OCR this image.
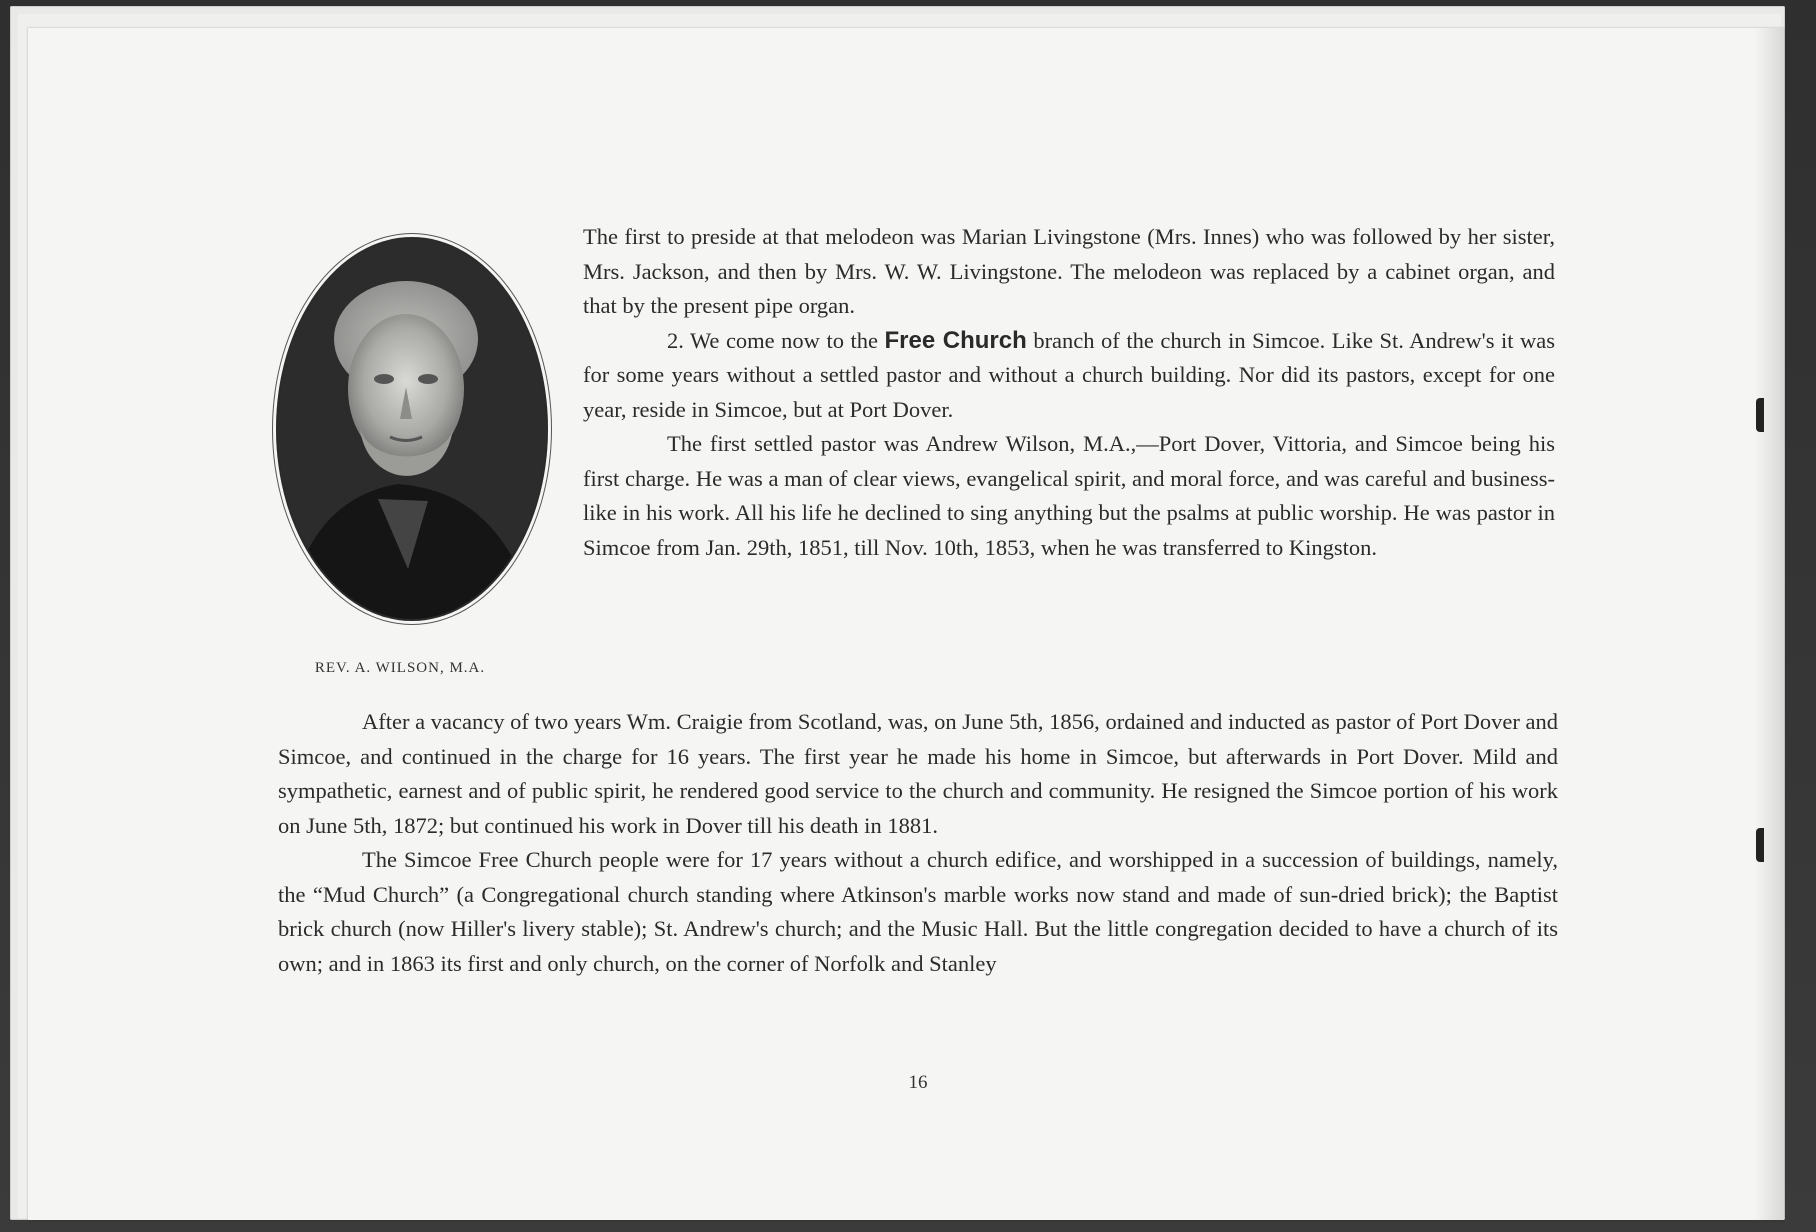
REV. A. WILSON, M.A.

The first to preside at that melodeon was Marian Livingstone (Mrs. Innes) who was followed by her sister, Mrs. Jackson, and then by Mrs. W. W. Livingstone. The melodeon was replaced by a cabinet organ, and that by the present pipe organ.

2. We come now to the Free Church branch of the church in Simcoe. Like St. Andrew's it was for some years without a settled pastor and without a church building. Nor did its pastors, except for one year, reside in Simcoe, but at Port Dover.

The first settled pastor was Andrew Wilson, M.A.,—Port Dover, Vittoria, and Simcoe being his first charge. He was a man of clear views, evangelical spirit, and moral force, and was careful and business-like in his work. All his life he declined to sing anything but the psalms at public worship. He was pastor in Simcoe from Jan. 29th, 1851, till Nov. 10th, 1853, when he was transferred to Kingston.

After a vacancy of two years Wm. Craigie from Scotland, was, on June 5th, 1856, ordained and inducted as pastor of Port Dover and Simcoe, and continued in the charge for 16 years. The first year he made his home in Simcoe, but afterwards in Port Dover. Mild and sympathetic, earnest and of public spirit, he rendered good service to the church and community. He resigned the Simcoe portion of his work on June 5th, 1872; but continued his work in Dover till his death in 1881.

The Simcoe Free Church people were for 17 years without a church edifice, and worshipped in a succession of buildings, namely, the “Mud Church” (a Congregational church standing where Atkinson's marble works now stand and made of sun-dried brick); the Baptist brick church (now Hiller's livery stable); St. Andrew's church; and the Music Hall. But the little congregation decided to have a church of its own; and in 1863 its first and only church, on the corner of Norfolk and Stanley

16
